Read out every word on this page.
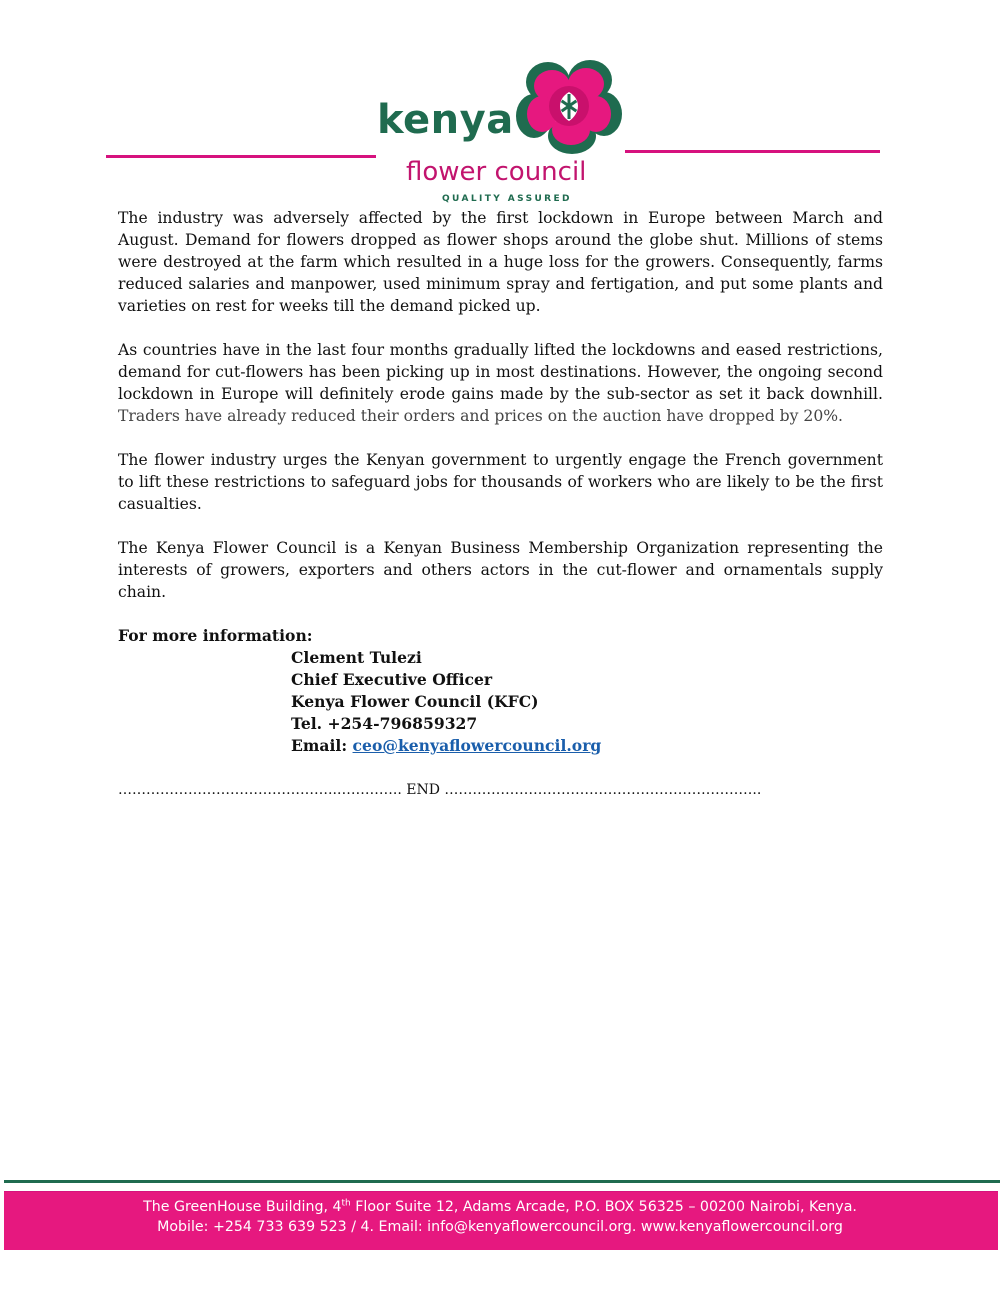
kenya
flower council
QUALITY ASSURED

The industry was adversely affected by the first lockdown in Europe between March and August. Demand for flowers dropped as flower shops around the globe shut. Millions of stems were destroyed at the farm which resulted in a huge loss for the growers. Consequently, farms reduced salaries and manpower, used minimum spray and fertigation, and put some plants and varieties on rest for weeks till the demand picked up.

As countries have in the last four months gradually lifted the lockdowns and eased restrictions, demand for cut-flowers has been picking up in most destinations. However, the ongoing second lockdown in Europe will definitely erode gains made by the sub-sector as set it back downhill. Traders have already reduced their orders and prices on the auction have dropped by 20%.

The flower industry urges the Kenyan government to urgently engage the French government to lift these restrictions to safeguard jobs for thousands of workers who are likely to be the first casualties.

The Kenya Flower Council is a Kenyan Business Membership Organization representing the interests of growers, exporters and others actors in the cut-flower and ornamentals supply chain.

For more information:

Clement Tulezi
Chief Executive Officer
Kenya Flower Council (KFC)
Tel. +254-796859327
Email: ceo@kenyaflowercouncil.org
………………………………………..………….. END …………………………………………………………..
The GreenHouse Building, 4th Floor Suite 12, Adams Arcade, P.O. BOX 56325 – 00200 Nairobi, Kenya.
Mobile: +254 733 639 523 / 4. Email: info@kenyaflowercouncil.org. www.kenyaflowercouncil.org
